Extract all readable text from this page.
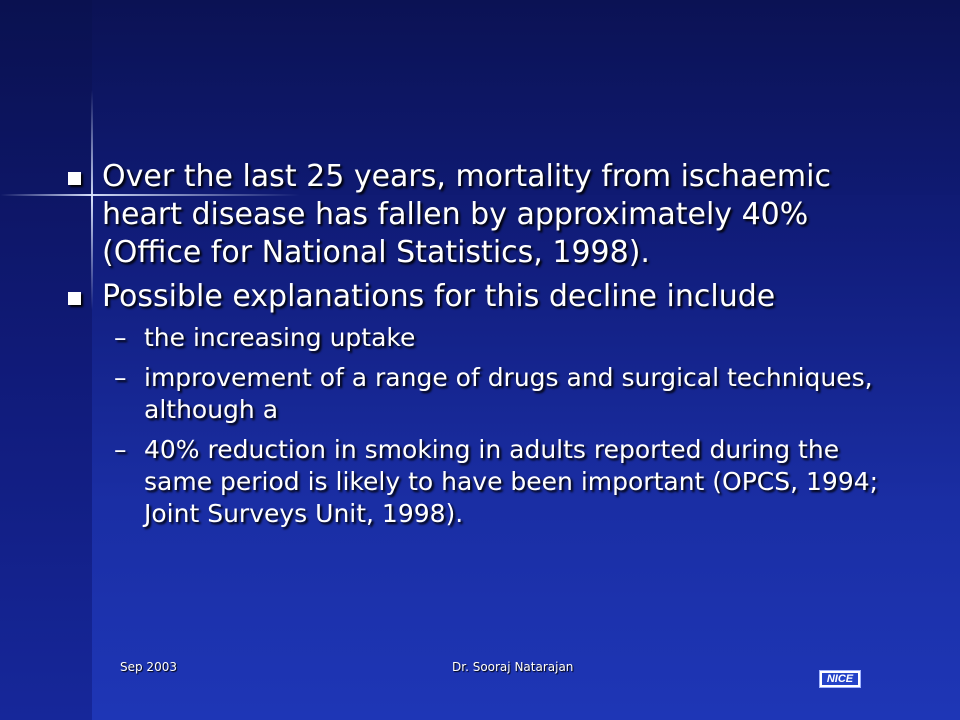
Over the last 25 years, mortality from ischaemic heart disease has fallen by approximately 40% (Office for National Statistics, 1998).
Possible explanations for this decline include
– the increasing uptake
– improvement of a range of drugs and surgical techniques, although a
– 40% reduction in smoking in adults reported during the same period is likely to have been important (OPCS, 1994; Joint Surveys Unit, 1998).
Sep 2003	Dr. Sooraj Natarajan
NICE
